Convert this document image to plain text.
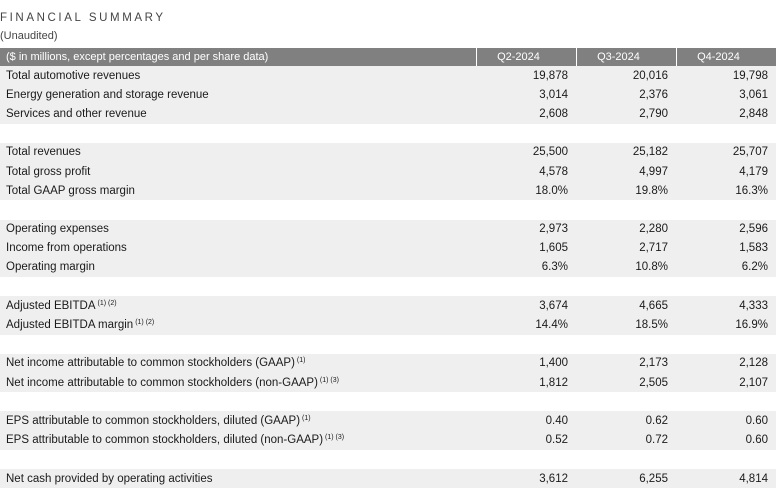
FINANCIAL SUMMARY
(Unaudited)
($ in millions, except percentages and per share data)	Q2-2024	Q3-2024	Q4-2024
Total automotive revenues	19,878	20,016	19,798
Energy generation and storage revenue	3,014	2,376	3,061
Services and other revenue	2,608	2,790	2,848
Total revenues	25,500	25,182	25,707
Total gross profit	4,578	4,997	4,179
Total GAAP gross margin	18.0%	19.8%	16.3%
Operating expenses	2,973	2,280	2,596
Income from operations	1,605	2,717	1,583
Operating margin	6.3%	10.8%	6.2%
Adjusted EBITDA $^{(1) (2)}$	3,674	4,665	4,333
Adjusted EBITDA margin $^{(1) (2)}$	14.4%	18.5%	16.9%
Net income attributable to common stockholders (GAAP) $^{(1)}$	1,400	2,173	2,128
Net income attributable to common stockholders (non-GAAP) $^{(1) (3)}$	1,812	2,505	2,107
EPS attributable to common stockholders, diluted (GAAP) $^{(1)}$	0.40	0.62	0.60
EPS attributable to common stockholders, diluted (non-GAAP) $^{(1) (3)}$	0.52	0.72	0.60
Net cash provided by operating activities	3,612	6,255	4,814
